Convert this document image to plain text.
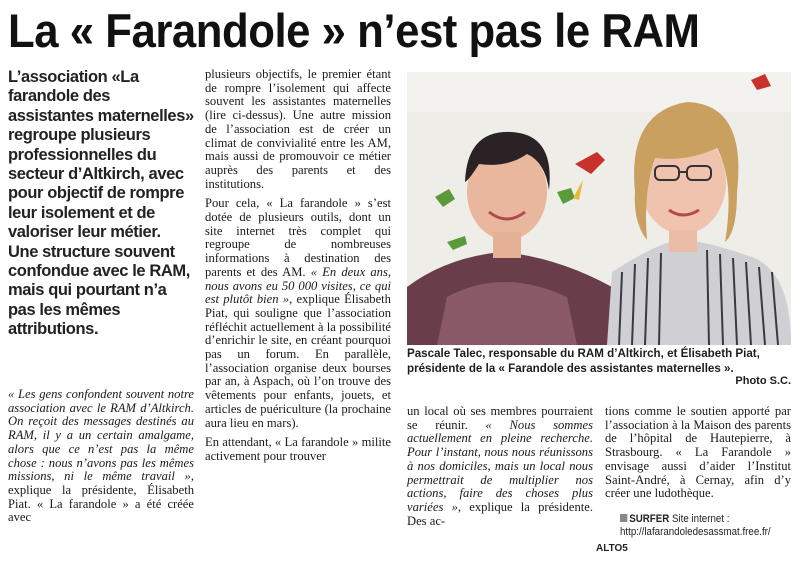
La « Farandole » n’est pas le RAM
L’association «La farandole des assistantes maternelles» regroupe plusieurs professionnelles du secteur d’Altkirch, avec pour objectif de rompre leur isolement et de valoriser leur métier. Une structure souvent confondue avec le RAM, mais qui pourtant n’a pas les mêmes attributions.

« Les gens confondent souvent notre association avec le RAM d’Altkirch. On reçoit des messages destinés au RAM, il y a un certain amalgame, alors que ce n’est pas la même chose : nous n’avons pas les mêmes missions, ni le même travail », explique la présidente, Élisabeth Piat. « La farandole » a été créée avec

plusieurs objectifs, le premier étant de rompre l’isolement qui affecte souvent les assistantes maternelles (lire ci-dessus). Une autre mission de l’association est de créer un climat de convivialité entre les AM, mais aussi de promouvoir ce métier auprès des parents et des institutions.

Pour cela, « La farandole » s’est dotée de plusieurs outils, dont un site internet très complet qui regroupe de nombreuses informations à destination des parents et des AM. « En deux ans, nous avons eu 50 000 visites, ce qui est plutôt bien », explique Élisabeth Piat, qui souligne que l’association réfléchit actuellement à la possibilité d’enrichir le site, en créant pourquoi pas un forum. En parallèle, l’association organise deux bourses par an, à Aspach, où l’on trouve des vêtements pour enfants, jouets, et articles de puériculture (la prochaine aura lieu en mars).

En attendant, « La farandole » milite activement pour trouver

Pascale Talec, responsable du RAM d’Altkirch, et Élisabeth Piat, présidente de la « Farandole des assistantes maternelles ».
Photo S.C.

un local où ses membres pourraient se réunir. « Nous sommes actuellement en pleine recherche. Pour l’instant, nous nous réunissons à nos domiciles, mais un local nous permettrait de multiplier nos actions, faire des choses plus variées », explique la présidente. Des ac-

tions comme le soutien apporté par l’association à la Maison des parents de l’hôpital de Hautepierre, à Strasbourg. « La Farandole » envisage aussi d’aider l’Institut Saint-André, à Cernay, afin d’y créer une ludothèque.

SURFER Site internet : http://lafarandoledesassmat.free.fr/
ALTO5
